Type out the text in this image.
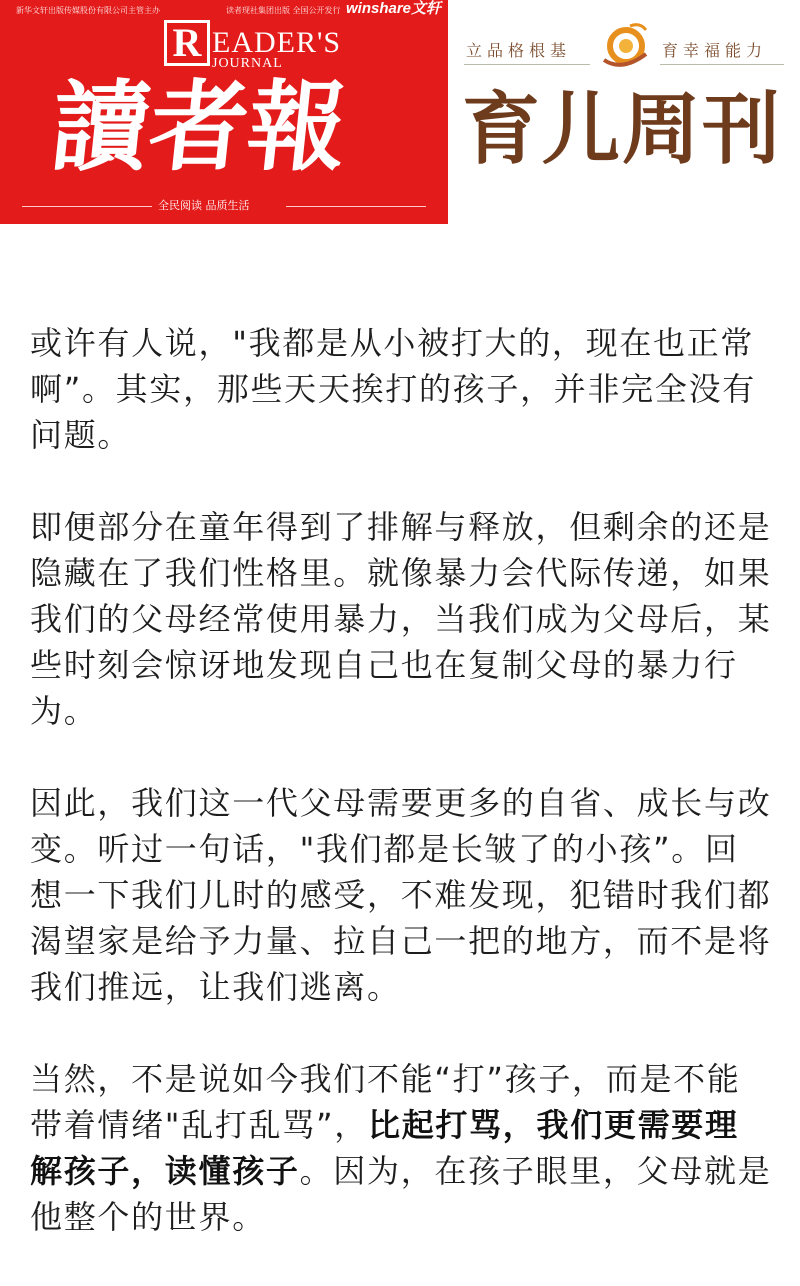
新华文轩出版传媒股份有限公司主管主办	读者现社集团出版 全国公开发行 winshare文轩
R EADER'S
JOURNAL
讀者報
全民阅读 品质生活
立品格根基	育幸福能力
育儿周刊

或许有人说，"我都是从小被打大的，现在也正常啊”。其实，那些天天挨打的孩子，并非完全没有问题。

即便部分在童年得到了排解与释放，但剩余的还是隐藏在了我们性格里。就像暴力会代际传递，如果我们的父母经常使用暴力，当我们成为父母后，某些时刻会惊讶地发现自己也在复制父母的暴力行为。

因此，我们这一代父母需要更多的自省、成长与改变。听过一句话，"我们都是长皱了的小孩”。回想一下我们儿时的感受，不难发现，犯错时我们都渴望家是给予力量、拉自己一把的地方，而不是将我们推远，让我们逃离。

当然，不是说如今我们不能“打”孩子，而是不能带着情绪"乱打乱骂”，比起打骂，我们更需要理解孩子，读懂孩子。因为，在孩子眼里，父母就是他整个的世界。
